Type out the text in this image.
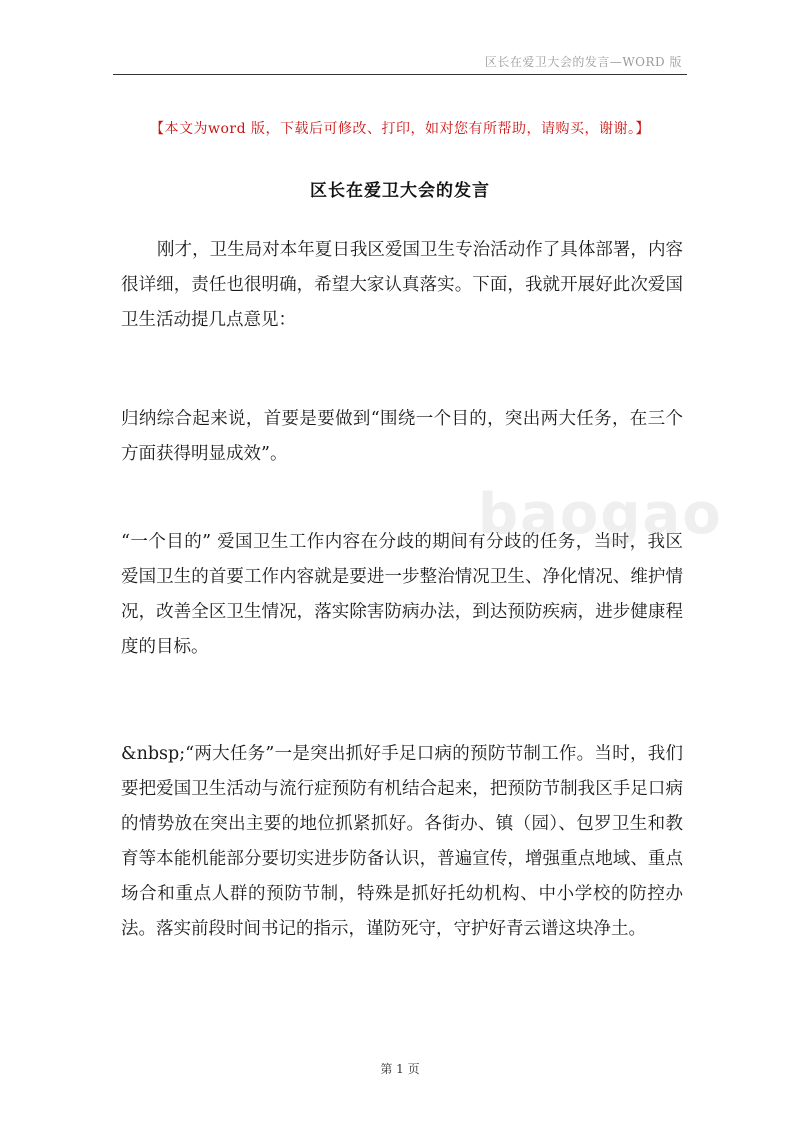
区长在爱卫大会的发言—WORD 版
【本文为word 版，下载后可修改、打印，如对您有所帮助，请购买，谢谢。】
区长在爱卫大会的发言

刚才，卫生局对本年夏日我区爱国卫生专治活动作了具体部署，内容很详细，责任也很明确，希望大家认真落实。下面，我就开展好此次爱国卫生活动提几点意见：

归纳综合起来说，首要是要做到“围绕一个目的，突出两大任务，在三个方面获得明显成效”。

“一个目的” 爱国卫生工作内容在分歧的期间有分歧的任务，当时，我区爱国卫生的首要工作内容就是要进一步整治情况卫生、净化情况、维护情况，改善全区卫生情况，落实除害防病办法，到达预防疾病，进步健康程度的目标。

&nbsp;“两大任务”一是突出抓好手足口病的预防节制工作。当时，我们要把爱国卫生活动与流行症预防有机结合起来，把预防节制我区手足口病的情势放在突出主要的地位抓紧抓好。各街办、镇（园）、包罗卫生和教育等本能机能部分要切实进步防备认识，普遍宣传，增强重点地域、重点场合和重点人群的预防节制，特殊是抓好托幼机构、中小学校的防控办法。落实前段时间书记的指示，谨防死守，守护好青云谱这块净土。

baogao
第 1 页
